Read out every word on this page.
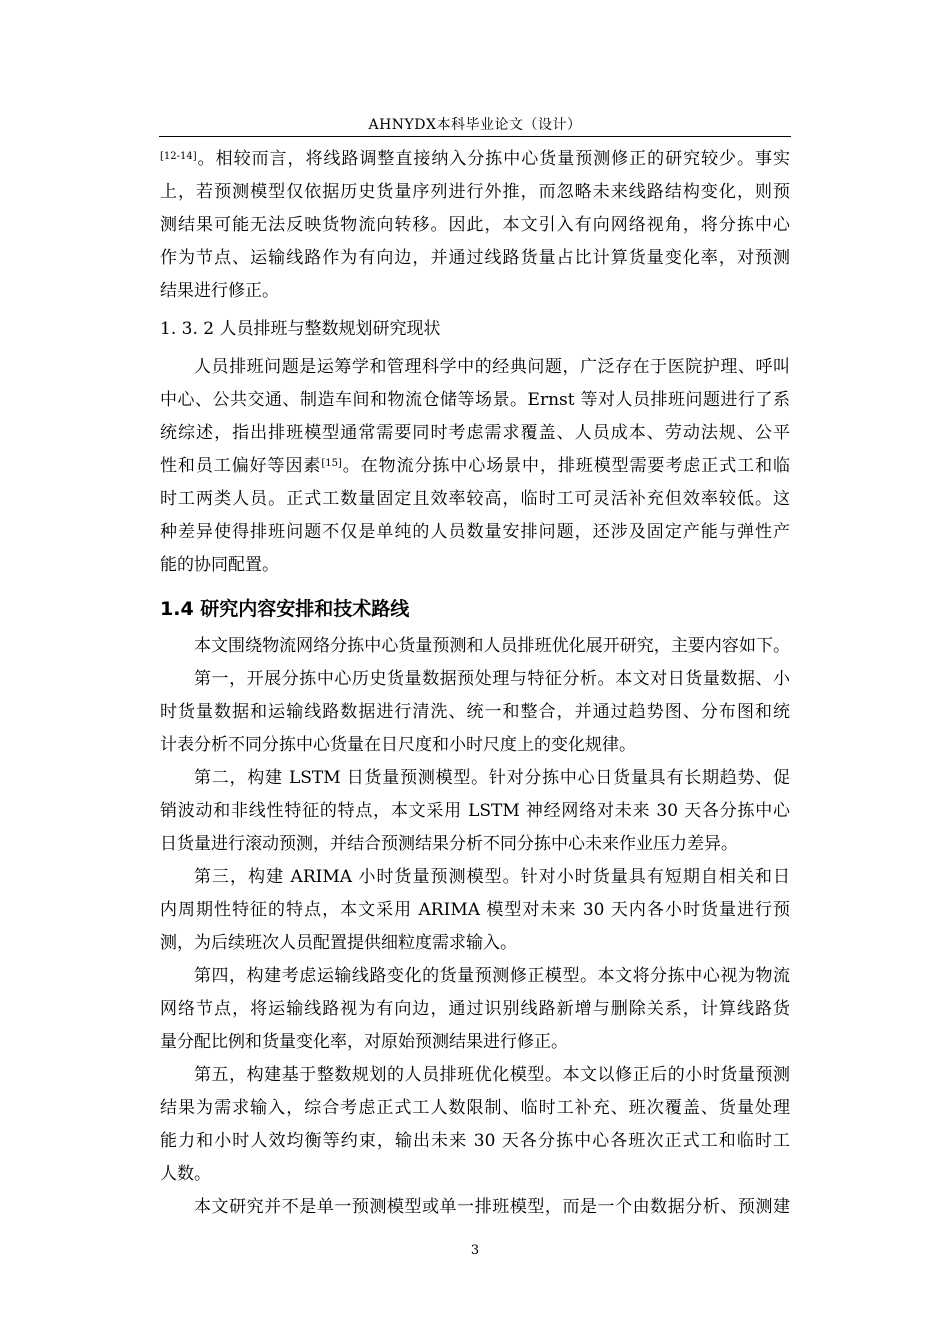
AHNYDX本科毕业论文（设计）
[12-14]。相较而言，将线路调整直接纳入分拣中心货量预测修正的研究较少。事实
上，若预测模型仅依据历史货量序列进行外推，而忽略未来线路结构变化，则预
测结果可能无法反映货物流向转移。因此，本文引入有向网络视角，将分拣中心
作为节点、运输线路作为有向边，并通过线路货量占比计算货量变化率，对预测
结果进行修正。
1. 3. 2 人员排班与整数规划研究现状
人员排班问题是运筹学和管理科学中的经典问题，广泛存在于医院护理、呼叫
中心、公共交通、制造车间和物流仓储等场景。Ernst 等对人员排班问题进行了系
统综述，指出排班模型通常需要同时考虑需求覆盖、人员成本、劳动法规、公平
性和员工偏好等因素[15]。在物流分拣中心场景中，排班模型需要考虑正式工和临
时工两类人员。正式工数量固定且效率较高，临时工可灵活补充但效率较低。这
种差异使得排班问题不仅是单纯的人员数量安排问题，还涉及固定产能与弹性产
能的协同配置。
1.4 研究内容安排和技术路线
本文围绕物流网络分拣中心货量预测和人员排班优化展开研究，主要内容如下。
第一，开展分拣中心历史货量数据预处理与特征分析。本文对日货量数据、小
时货量数据和运输线路数据进行清洗、统一和整合，并通过趋势图、分布图和统
计表分析不同分拣中心货量在日尺度和小时尺度上的变化规律。
第二，构建 LSTM 日货量预测模型。针对分拣中心日货量具有长期趋势、促
销波动和非线性特征的特点，本文采用 LSTM 神经网络对未来 30 天各分拣中心
日货量进行滚动预测，并结合预测结果分析不同分拣中心未来作业压力差异。
第三，构建 ARIMA 小时货量预测模型。针对小时货量具有短期自相关和日
内周期性特征的特点，本文采用 ARIMA 模型对未来 30 天内各小时货量进行预
测，为后续班次人员配置提供细粒度需求输入。
第四，构建考虑运输线路变化的货量预测修正模型。本文将分拣中心视为物流
网络节点，将运输线路视为有向边，通过识别线路新增与删除关系，计算线路货
量分配比例和货量变化率，对原始预测结果进行修正。
第五，构建基于整数规划的人员排班优化模型。本文以修正后的小时货量预测
结果为需求输入，综合考虑正式工人数限制、临时工补充、班次覆盖、货量处理
能力和小时人效均衡等约束，输出未来 30 天各分拣中心各班次正式工和临时工
人数。
本文研究并不是单一预测模型或单一排班模型，而是一个由数据分析、预测建
3
